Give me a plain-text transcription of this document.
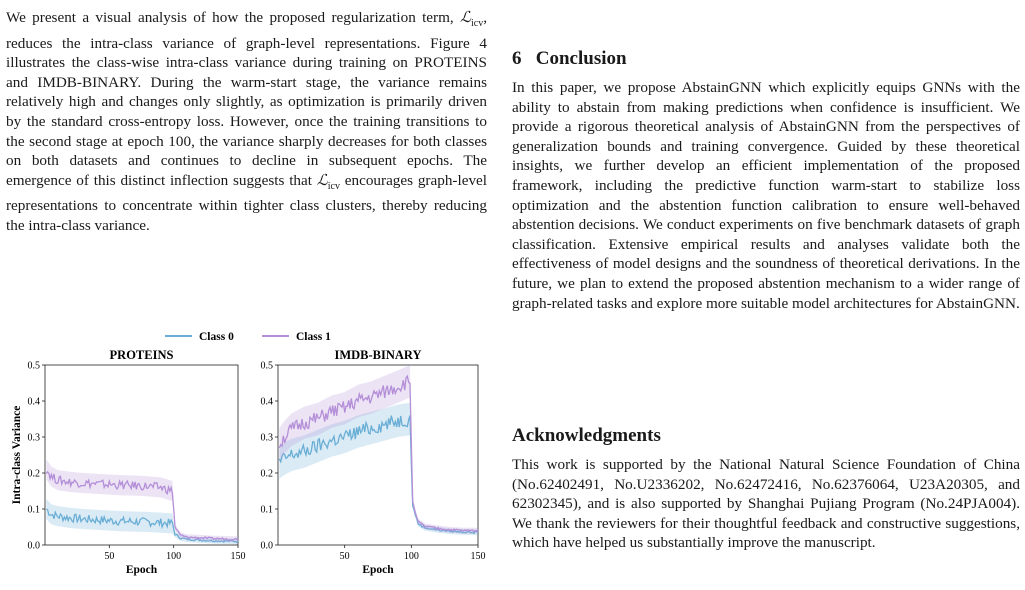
We present a visual analysis of how the proposed regularization term, ℒ$_{icv}$, reduces the intra-class variance of graph-level representations. Figure 4 illustrates the class-wise intra-class variance during training on PROTEINS and IMDB-BINARY. During the warm-start stage, the variance remains relatively high and changes only slightly, as optimization is primarily driven by the standard cross-entropy loss. However, once the training transitions to the second stage at epoch 100, the variance sharply decreases for both classes on both datasets and continues to decline in subsequent epochs. The emergence of this distinct inflection suggests that ℒ$_{icv}$ encourages graph-level representations to concentrate within tighter class clusters, thereby reducing the intra-class variance.

Class 0	Class 1
PROTEINS
0.0
0.1
0.2
0.3
0.4
0.5
50	100	150
Epoch
Intra-class Variance
IMDB-BINARY
0.0
0.1
0.2
0.3
0.4
0.5
50	100	150
Epoch
6 Conclusion

In this paper, we propose AbstainGNN which explicitly equips GNNs with the ability to abstain from making predictions when confidence is insufficient. We provide a rigorous theoretical analysis of AbstainGNN from the perspectives of generalization bounds and training convergence. Guided by these theoretical insights, we further develop an efficient implementation of the proposed framework, including the predictive function warm-start to stabilize loss optimization and the abstention function calibration to ensure well-behaved abstention decisions. We conduct experiments on five benchmark datasets of graph classification. Extensive empirical results and analyses validate both the effectiveness of model designs and the soundness of theoretical derivations. In the future, we plan to extend the proposed abstention mechanism to a wider range of graph-related tasks and explore more suitable model architectures for AbstainGNN.

Acknowledgments

This work is supported by the National Natural Science Foundation of China (No.62402491, No.U2336202, No.62472416, No.62376064, U23A20305, and 62302345), and is also supported by Shanghai Pujiang Program (No.24PJA004). We thank the reviewers for their thoughtful feedback and constructive suggestions, which have helped us substantially improve the manuscript.
